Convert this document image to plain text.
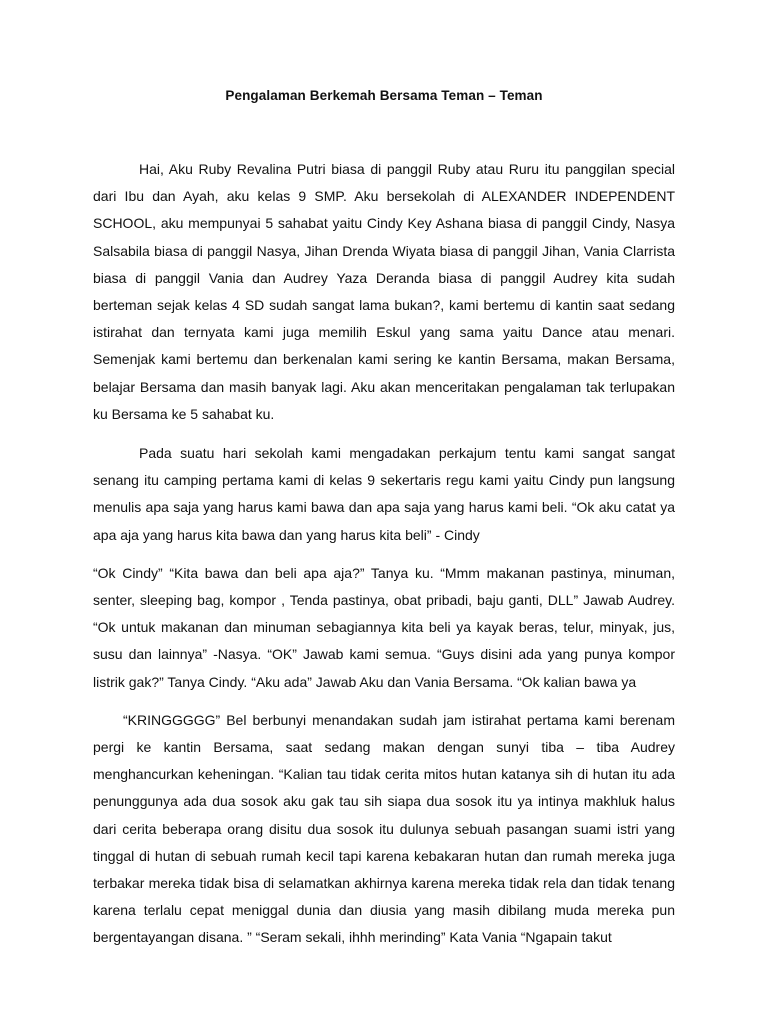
Pengalaman Berkemah Bersama Teman – Teman

Hai, Aku Ruby Revalina Putri biasa di panggil Ruby atau Ruru itu panggilan special dari Ibu dan Ayah, aku kelas 9 SMP. Aku bersekolah di ALEXANDER INDEPENDENT SCHOOL, aku mempunyai 5 sahabat yaitu Cindy Key Ashana biasa di panggil Cindy, Nasya Salsabila biasa di panggil Nasya, Jihan Drenda Wiyata biasa di panggil Jihan, Vania Clarrista biasa di panggil Vania dan Audrey Yaza Deranda biasa di panggil Audrey kita sudah berteman sejak kelas 4 SD sudah sangat lama bukan?, kami bertemu di kantin saat sedang istirahat dan ternyata kami juga memilih Eskul yang sama yaitu Dance atau menari. Semenjak kami bertemu dan berkenalan kami sering ke kantin Bersama, makan Bersama, belajar Bersama dan masih banyak lagi. Aku akan menceritakan pengalaman tak terlupakan ku Bersama ke 5 sahabat ku.

Pada suatu hari sekolah kami mengadakan perkajum tentu kami sangat sangat senang itu camping pertama kami di kelas 9 sekertaris regu kami yaitu Cindy pun langsung menulis apa saja yang harus kami bawa dan apa saja yang harus kami beli. “Ok aku catat ya apa aja yang harus kita bawa dan yang harus kita beli” - Cindy

“Ok Cindy” “Kita bawa dan beli apa aja?” Tanya ku. “Mmm makanan pastinya, minuman, senter, sleeping bag, kompor , Tenda pastinya, obat pribadi, baju ganti, DLL” Jawab Audrey. “Ok untuk makanan dan minuman sebagiannya kita beli ya kayak beras, telur, minyak, jus, susu dan lainnya” -Nasya. “OK” Jawab kami semua. “Guys disini ada yang punya kompor listrik gak?” Tanya Cindy. “Aku ada” Jawab Aku dan Vania Bersama. “Ok kalian bawa ya

“KRINGGGGG” Bel berbunyi menandakan sudah jam istirahat pertama kami berenam pergi ke kantin Bersama, saat sedang makan dengan sunyi tiba – tiba Audrey menghancurkan keheningan. “Kalian tau tidak cerita mitos hutan katanya sih di hutan itu ada penunggunya ada dua sosok aku gak tau sih siapa dua sosok itu ya intinya makhluk halus dari cerita beberapa orang disitu dua sosok itu dulunya sebuah pasangan suami istri yang tinggal di hutan di sebuah rumah kecil tapi karena kebakaran hutan dan rumah mereka juga terbakar mereka tidak bisa di selamatkan akhirnya karena mereka tidak rela dan tidak tenang karena terlalu cepat meniggal dunia dan diusia yang masih dibilang muda mereka pun bergentayangan disana. ” “Seram sekali, ihhh merinding” Kata Vania “Ngapain takut
